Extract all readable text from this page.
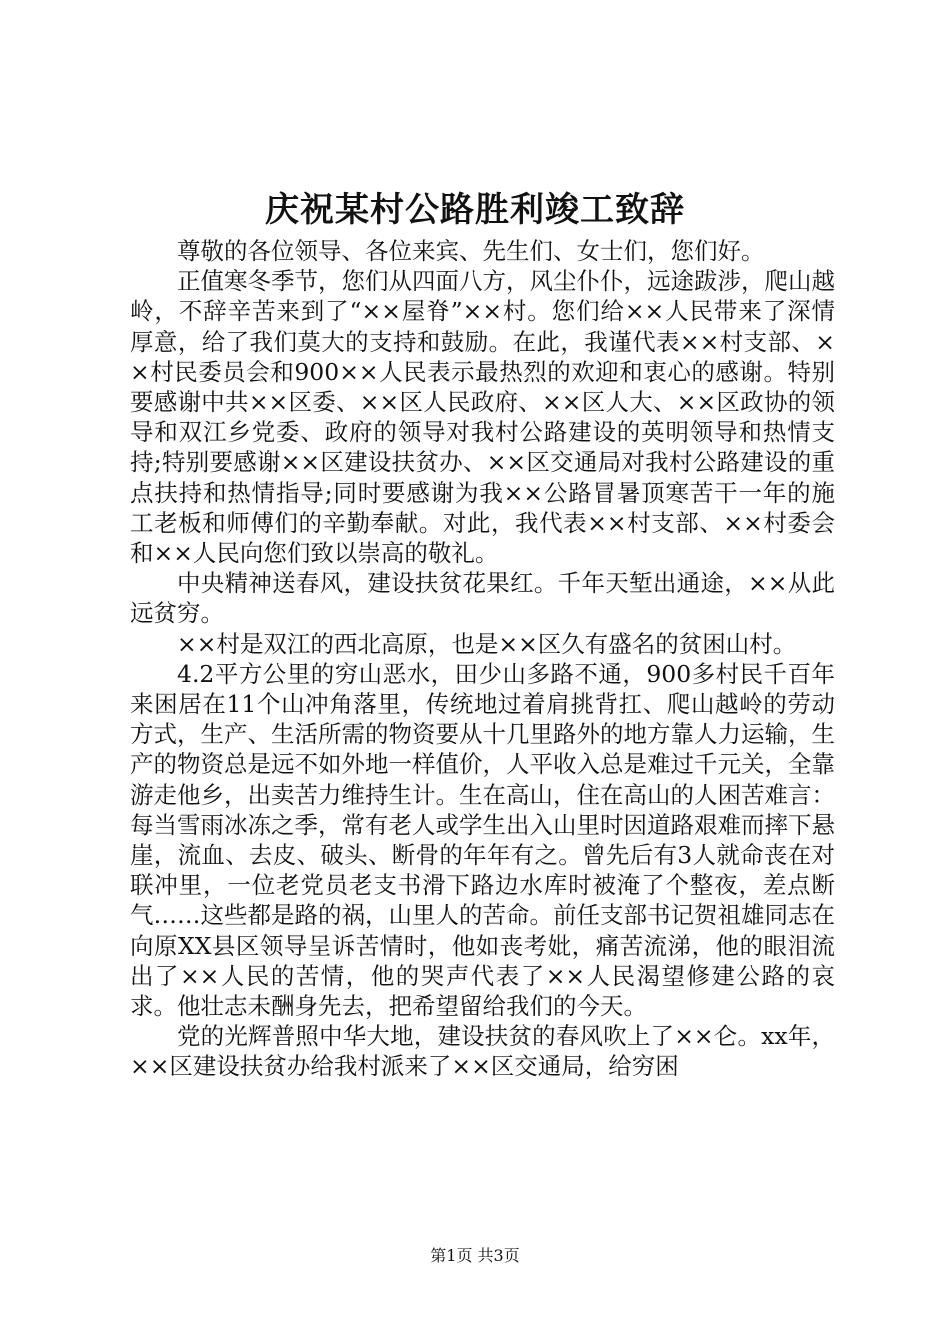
庆祝某村公路胜利竣工致辞

尊敬的各位领导、各位来宾、先生们、女士们，您们好。

正值寒冬季节，您们从四面八方，风尘仆仆，远途跋涉，爬山越岭，不辞辛苦来到了“××屋脊”××村。您们给××人民带来了深情厚意，给了我们莫大的支持和鼓励。在此，我谨代表××村支部、××村民委员会和900××人民表示最热烈的欢迎和衷心的感谢。特别要感谢中共××区委、××区人民政府、××区人大、××区政协的领导和双江乡党委、政府的领导对我村公路建设的英明领导和热情支持;特别要感谢××区建设扶贫办、××区交通局对我村公路建设的重点扶持和热情指导;同时要感谢为我××公路冒暑顶寒苦干一年的施工老板和师傅们的辛勤奉献。对此，我代表××村支部、××村委会和××人民向您们致以崇高的敬礼。

中央精神送春风，建设扶贫花果红。千年天堑出通途，××从此远贫穷。

××村是双江的西北高原，也是××区久有盛名的贫困山村。

4.2平方公里的穷山恶水，田少山多路不通，900多村民千百年来困居在11个山冲角落里，传统地过着肩挑背扛、爬山越岭的劳动方式，生产、生活所需的物资要从十几里路外的地方靠人力运输，生产的物资总是远不如外地一样值价，人平收入总是难过千元关，全靠游走他乡，出卖苦力维持生计。生在高山，住在高山的人困苦难言：每当雪雨冰冻之季，常有老人或学生出入山里时因道路艰难而摔下悬崖，流血、去皮、破头、断骨的年年有之。曾先后有3人就命丧在对联冲里，一位老党员老支书滑下路边水库时被淹了个整夜，差点断气……这些都是路的祸，山里人的苦命。前任支部书记贺祖雄同志在向原XX县区领导呈诉苦情时，他如丧考妣，痛苦流涕，他的眼泪流出了××人民的苦情，他的哭声代表了××人民渴望修建公路的哀求。他壮志未酬身先去，把希望留给我们的今天。

党的光辉普照中华大地，建设扶贫的春风吹上了××仑。xx年，××区建设扶贫办给我村派来了××区交通局，给穷困

第1页 共3页
